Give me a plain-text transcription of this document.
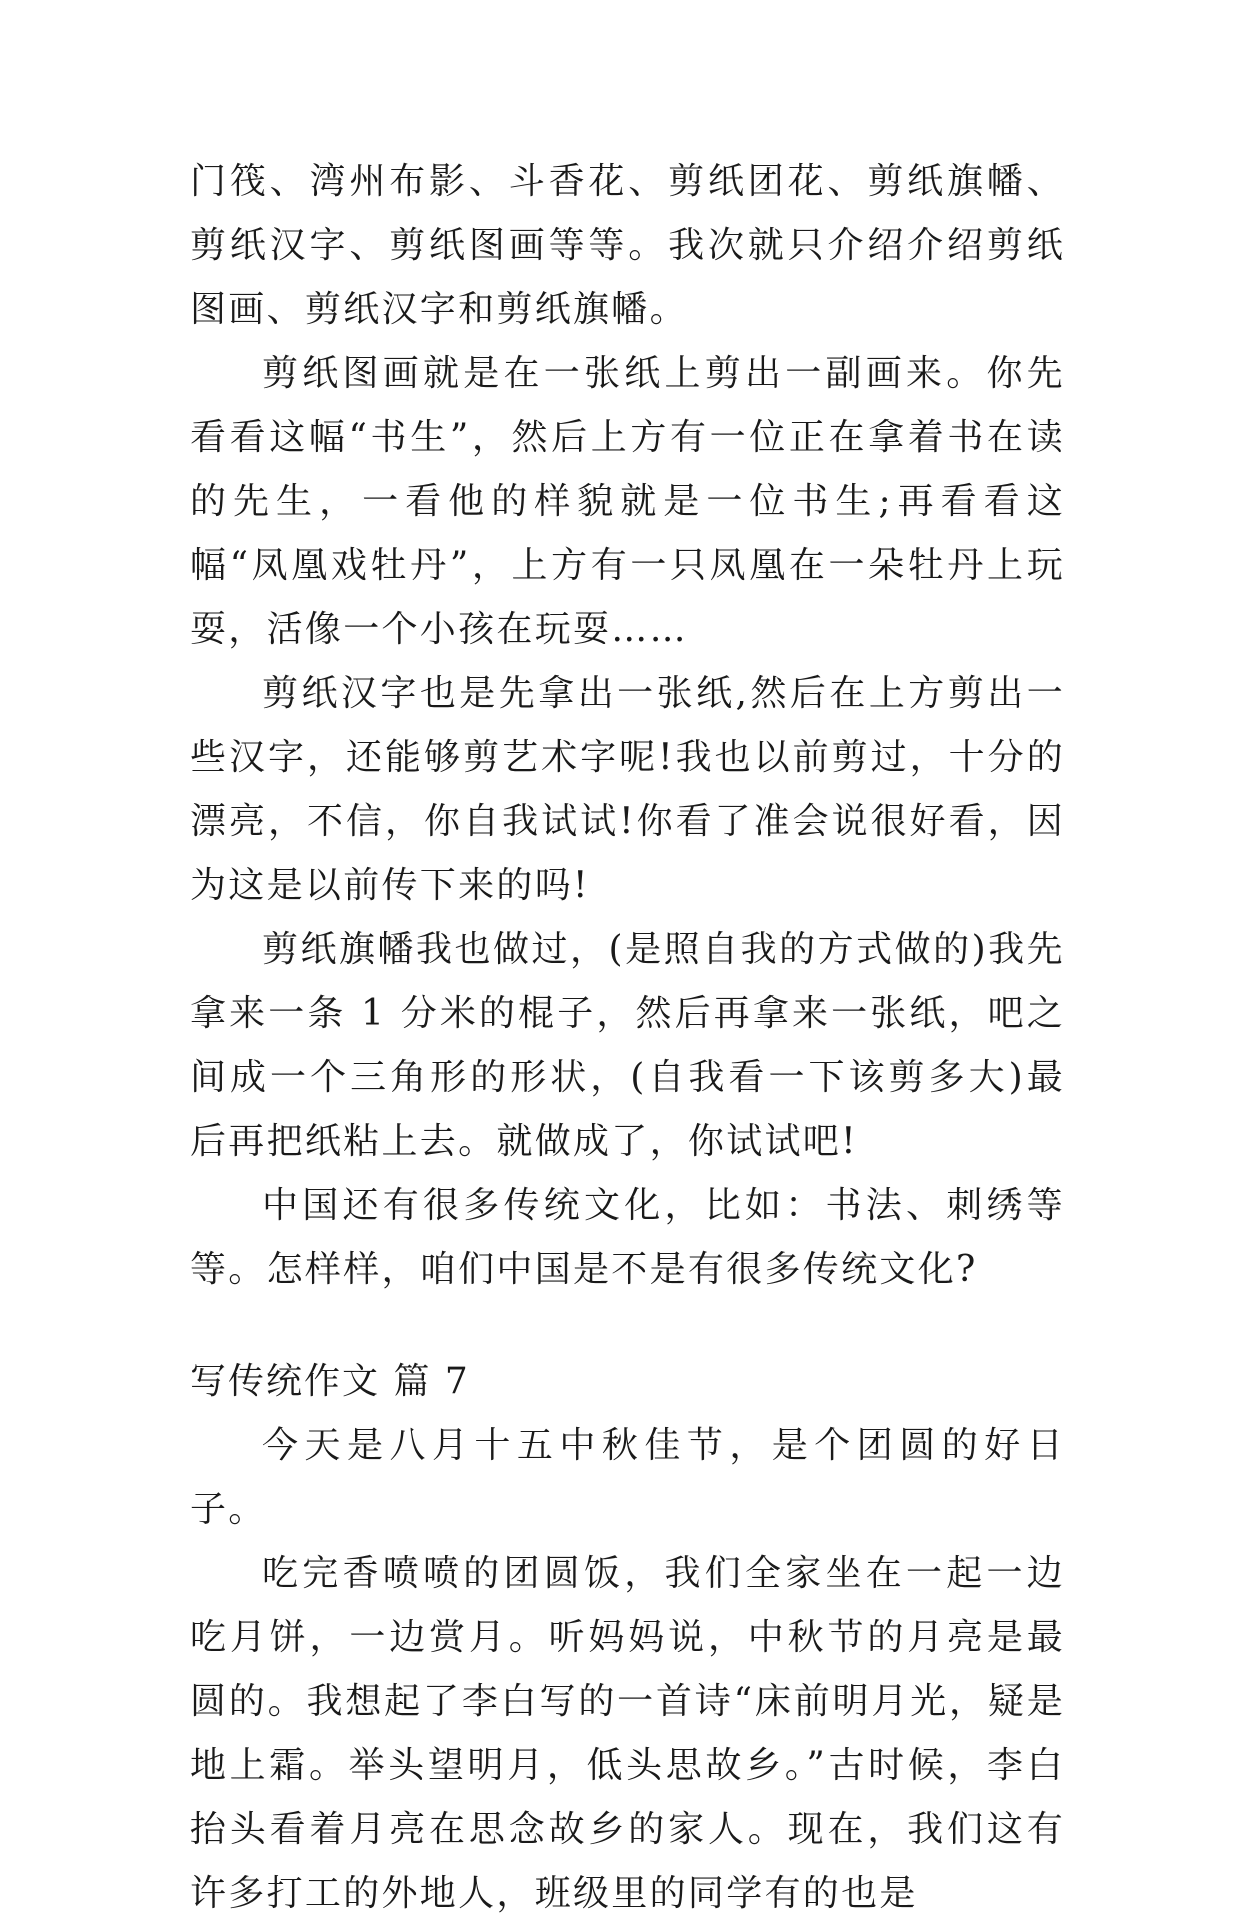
门筏、湾州布影、斗香花、剪纸团花、剪纸旗幡、剪纸汉字、剪纸图画等等。我次就只介绍介绍剪纸图画、剪纸汉字和剪纸旗幡。

剪纸图画就是在一张纸上剪出一副画来。你先看看这幅“书生”，然后上方有一位正在拿着书在读的先生，一看他的样貌就是一位书生;再看看这幅“凤凰戏牡丹”，上方有一只凤凰在一朵牡丹上玩耍，活像一个小孩在玩耍……

剪纸汉字也是先拿出一张纸,然后在上方剪出一些汉字，还能够剪艺术字呢!我也以前剪过，十分的漂亮，不信，你自我试试!你看了准会说很好看，因为这是以前传下来的吗!

剪纸旗幡我也做过，(是照自我的方式做的)我先拿来一条 1 分米的棍子，然后再拿来一张纸，吧之间成一个三角形的形状，(自我看一下该剪多大)最后再把纸粘上去。就做成了，你试试吧!

中国还有很多传统文化，比如：书法、刺绣等等。怎样样，咱们中国是不是有很多传统文化?

写传统作文 篇 7

今天是八月十五中秋佳节，是个团圆的好日子。

吃完香喷喷的团圆饭，我们全家坐在一起一边吃月饼，一边赏月。听妈妈说，中秋节的月亮是最圆的。我想起了李白写的一首诗“床前明月光，疑是地上霜。举头望明月，低头思故乡。”古时候，李白抬头看着月亮在思念故乡的家人。现在，我们这有许多打工的外地人，班级里的同学有的也是
